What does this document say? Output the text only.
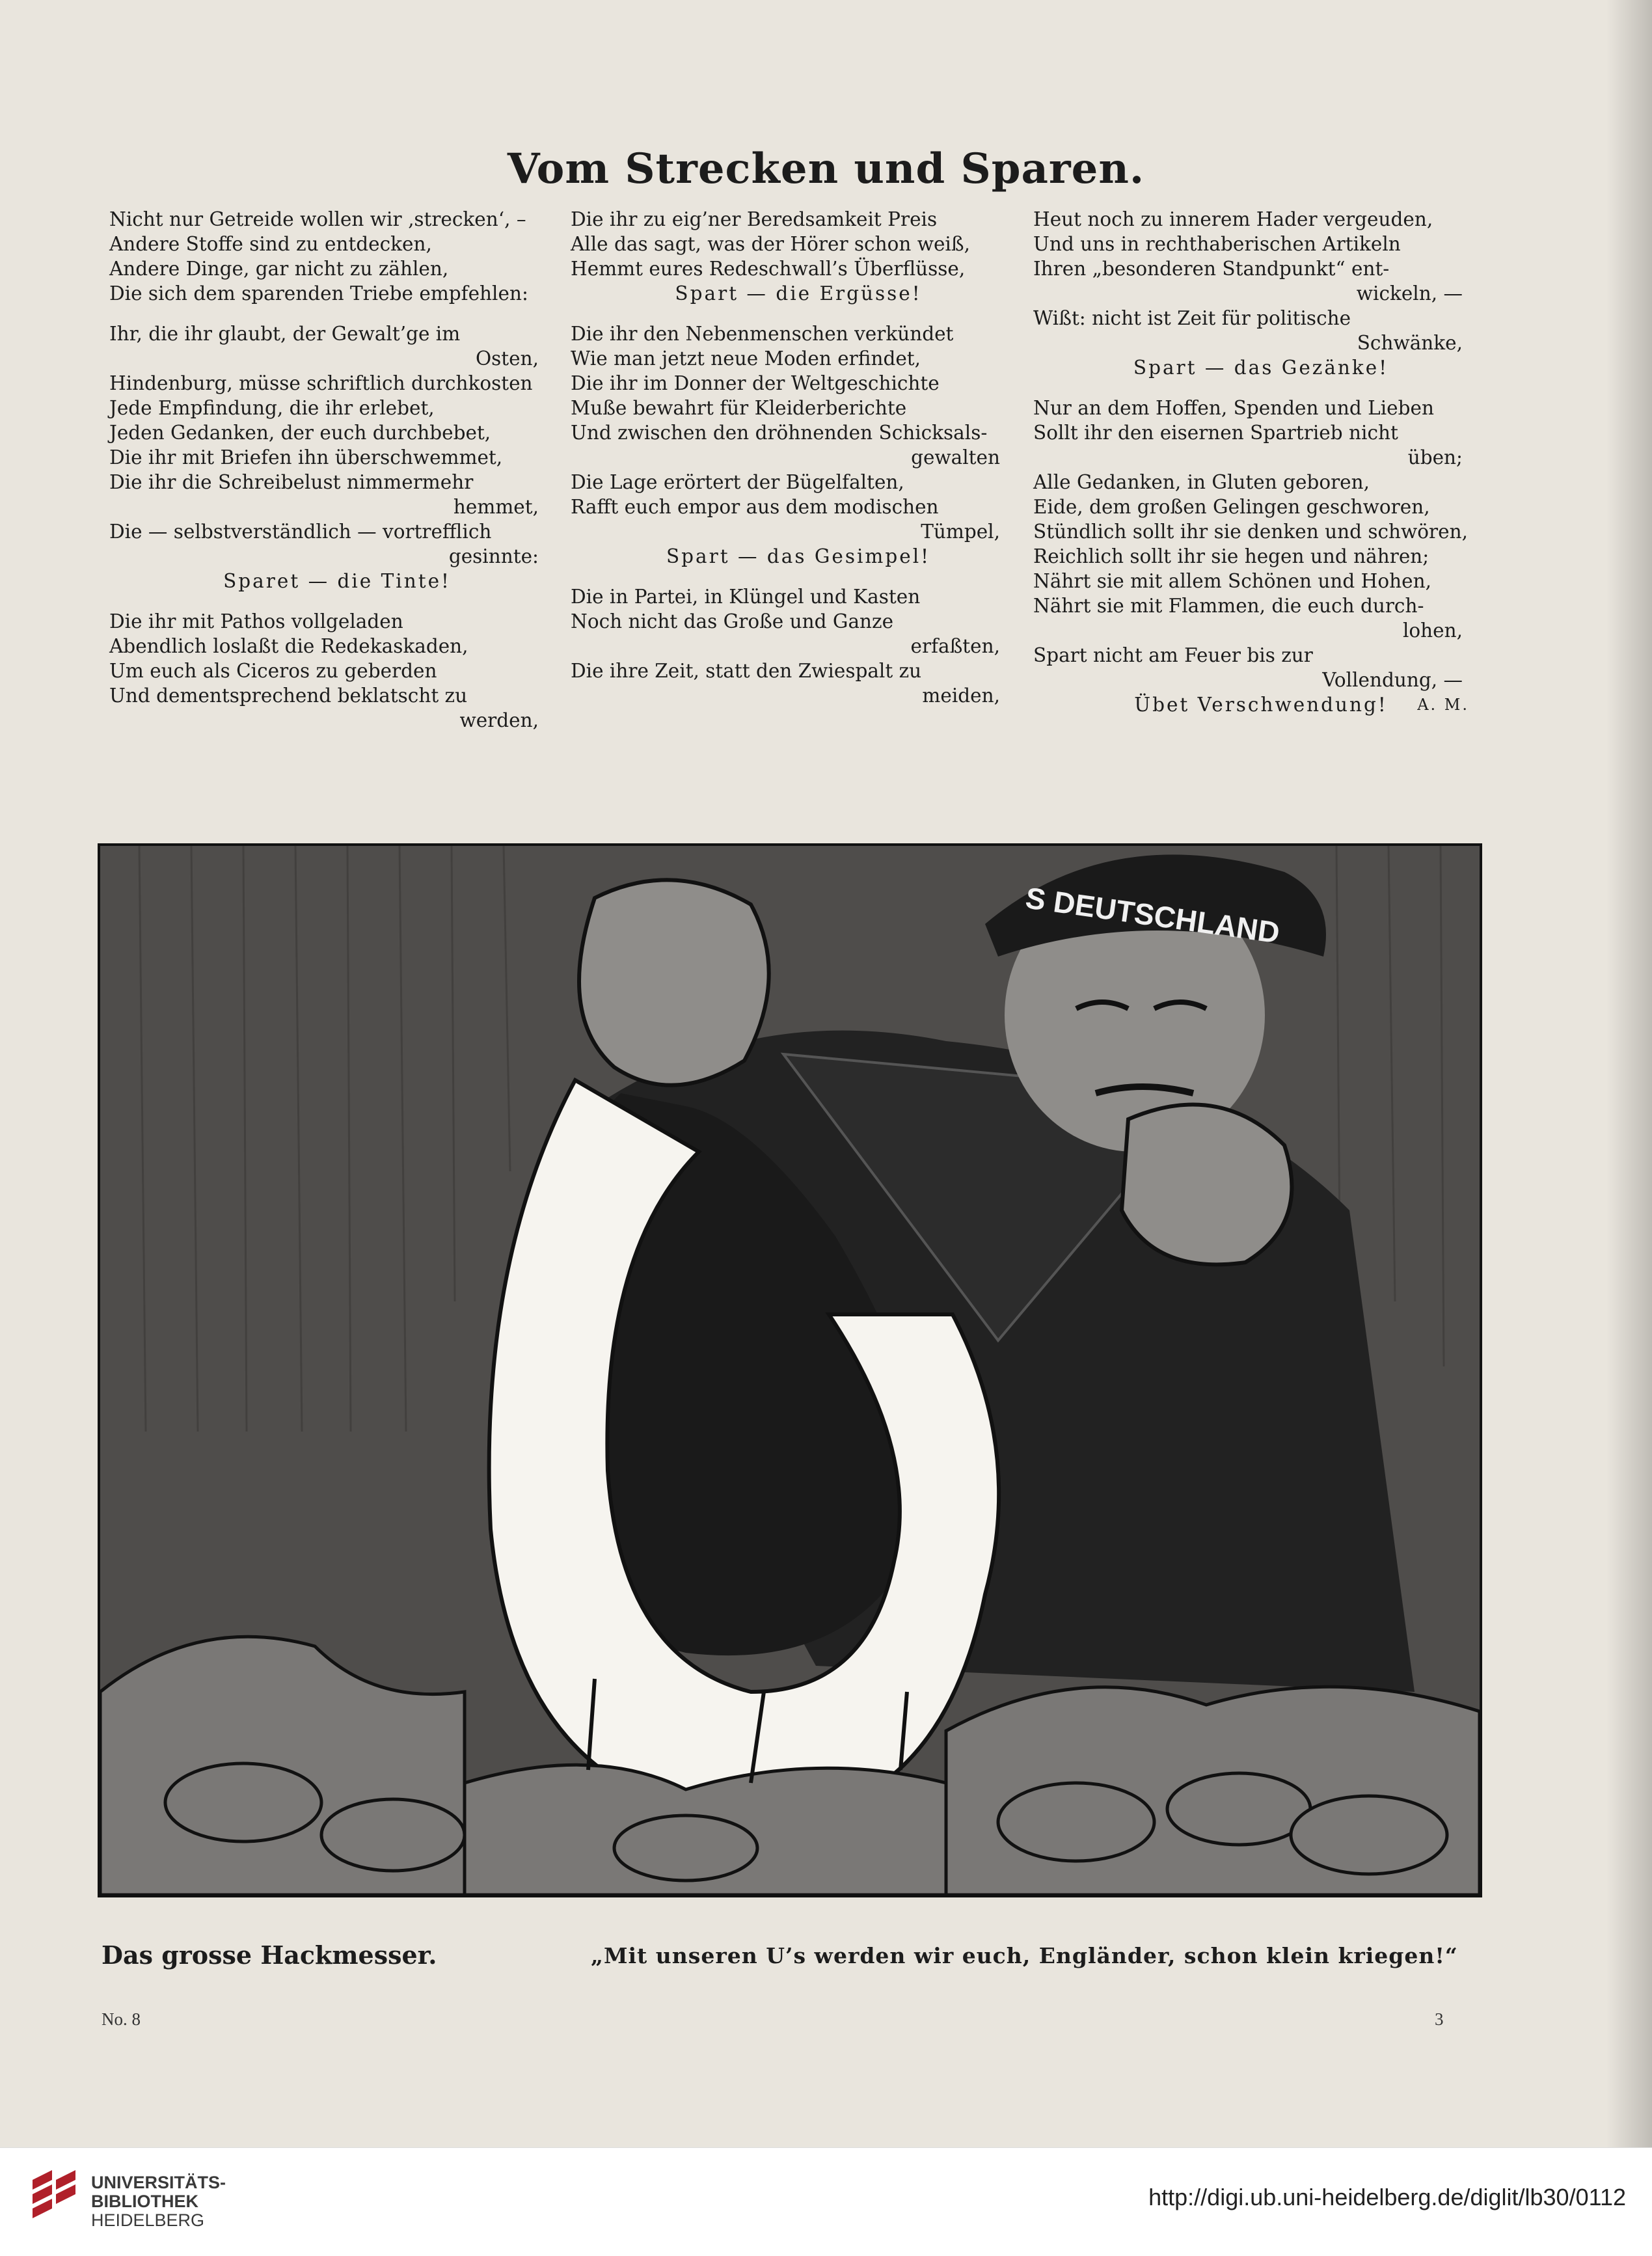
Vom Strecken und Sparen.
Nicht nur Getreide wollen wir ‚strecken‘, –
Andere Stoffe sind zu entdecken,
Andere Dinge, gar nicht zu zählen,
Die sich dem sparenden Triebe empfehlen:
Ihr, die ihr glaubt, der Gewalt’ge im
Osten,
Hindenburg, müsse schriftlich durchkosten
Jede Empfindung, die ihr erlebet,
Jeden Gedanken, der euch durchbebet,
Die ihr mit Briefen ihn überschwemmet,
Die ihr die Schreibelust nimmermehr
hemmet,
Die — selbstverständlich — vortrefflich
gesinnte:
Sparet — die Tinte!
Die ihr mit Pathos vollgeladen
Abendlich loslaßt die Redekaskaden,
Um euch als Ciceros zu geberden
Und dementsprechend beklatscht zu
werden,
Die ihr zu eig’ner Beredsamkeit Preis
Alle das sagt, was der Hörer schon weiß,
Hemmt eures Redeschwall’s Überflüsse,
Spart — die Ergüsse!
Die ihr den Nebenmenschen verkündet
Wie man jetzt neue Moden erfindet,
Die ihr im Donner der Weltgeschichte
Muße bewahrt für Kleiderberichte
Und zwischen den dröhnenden Schicksals-
gewalten
Die Lage erörtert der Bügelfalten,
Rafft euch empor aus dem modischen
Tümpel,
Spart — das Gesimpel!
Die in Partei, in Klüngel und Kasten
Noch nicht das Große und Ganze
erfaßten,
Die ihre Zeit, statt den Zwiespalt zu
meiden,
Heut noch zu innerem Hader vergeuden,
Und uns in rechthaberischen Artikeln
Ihren „besonderen Standpunkt“ ent-
wickeln, —
Wißt: nicht ist Zeit für politische
Schwänke,
Spart — das Gezänke!
Nur an dem Hoffen, Spenden und Lieben
Sollt ihr den eisernen Spartrieb nicht
üben;
Alle Gedanken, in Gluten geboren,
Eide, dem großen Gelingen geschworen,
Stündlich sollt ihr sie denken und schwören,
Reichlich sollt ihr sie hegen und nähren;
Nährt sie mit allem Schönen und Hohen,
Nährt sie mit Flammen, die euch durch-
lohen,
Spart nicht am Feuer bis zur
Vollendung, —
Übet Verschwendung! A. M.
S DEUTSCHLAND
Das grosse Hackmesser.	„Mit unseren U’s werden wir euch, Engländer, schon klein kriegen!“
No. 8	3
UNIVERSITÄTS-
BIBLIOTHEK
HEIDELBERG
http://digi.ub.uni-heidelberg.de/diglit/lb30/0112
